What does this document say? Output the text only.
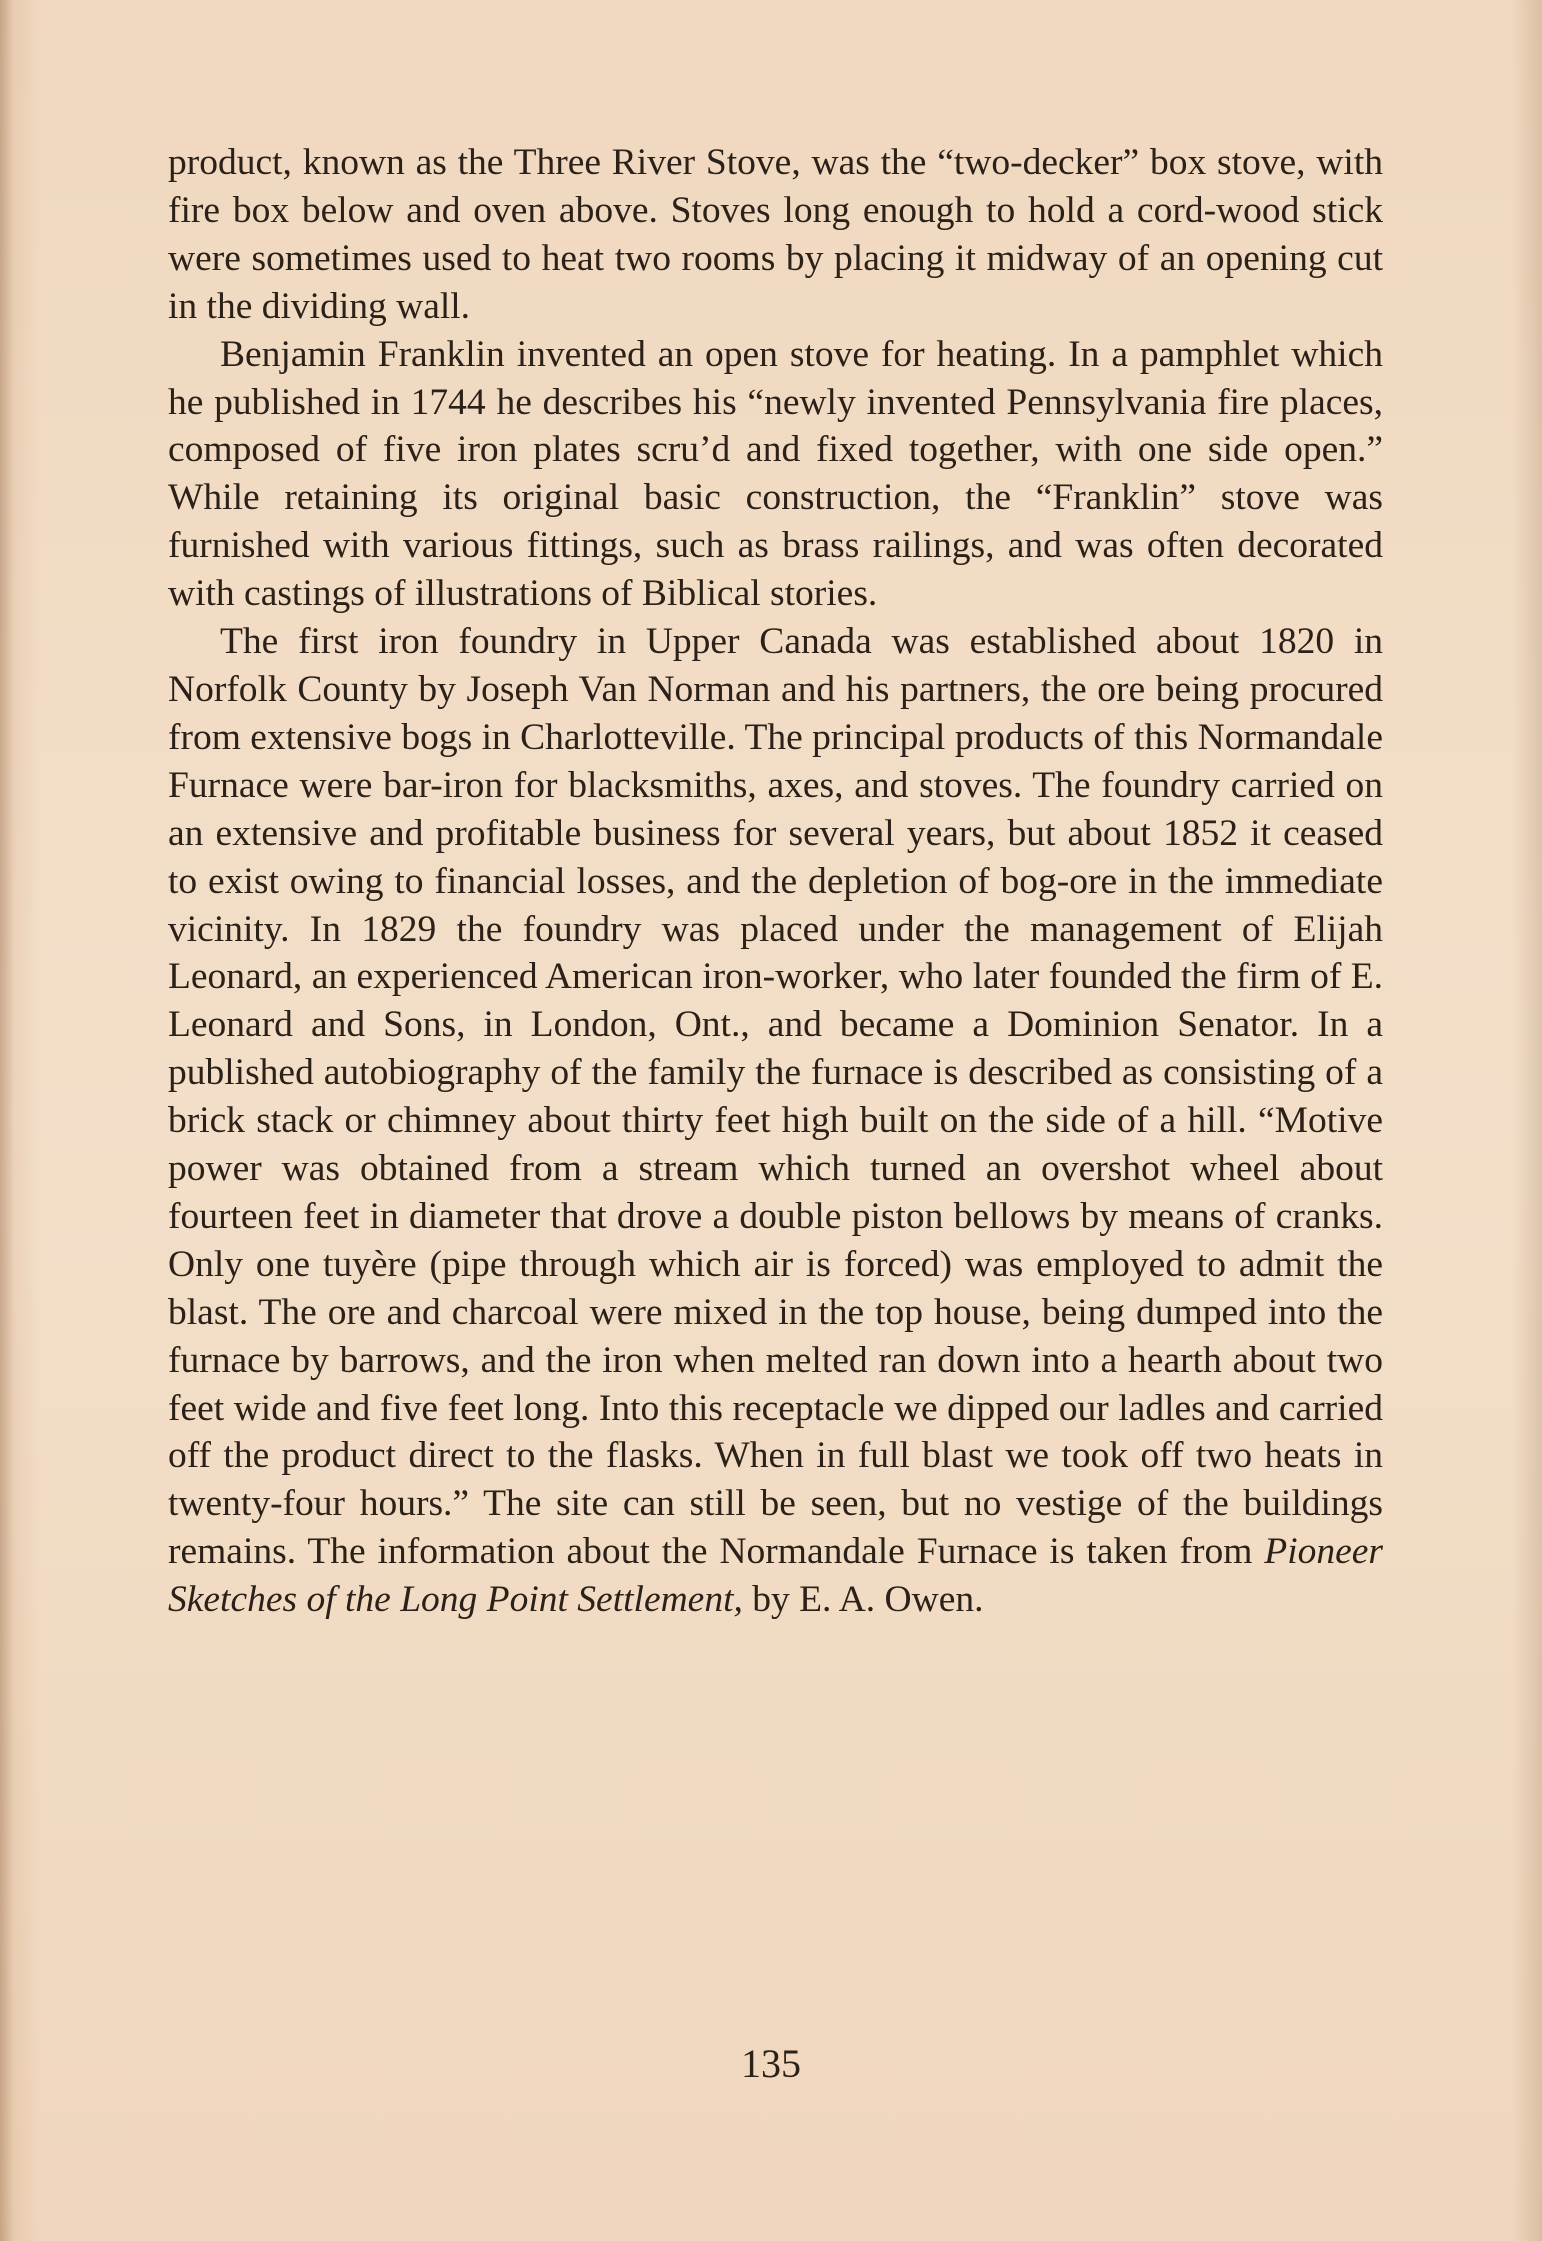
product, known as the Three River Stove, was the “two-decker” box stove, with fire box below and oven above. Stoves long enough to hold a cord-wood stick were sometimes used to heat two rooms by placing it midway of an opening cut in the dividing wall.

Benjamin Franklin invented an open stove for heating. In a pamphlet which he published in 1744 he describes his “newly invented Pennsylvania fire places, composed of five iron plates scru’d and fixed together, with one side open.” While retaining its original basic construction, the “Franklin” stove was furnished with various fittings, such as brass railings, and was often decorated with castings of illustrations of Biblical stories.

The first iron foundry in Upper Canada was established about 1820 in Norfolk County by Joseph Van Norman and his partners, the ore being procured from extensive bogs in Charlotteville. The principal products of this Normandale Furnace were bar-iron for blacksmiths, axes, and stoves. The foundry carried on an extensive and profitable business for several years, but about 1852 it ceased to exist owing to financial losses, and the depletion of bog-ore in the immediate vicinity. In 1829 the foundry was placed under the management of Elijah Leonard, an experienced American iron-worker, who later founded the firm of E. Leonard and Sons, in London, Ont., and became a Dominion Senator. In a published autobiography of the family the furnace is described as consisting of a brick stack or chimney about thirty feet high built on the side of a hill. “Motive power was obtained from a stream which turned an overshot wheel about fourteen feet in diameter that drove a double piston bellows by means of cranks. Only one tuyère (pipe through which air is forced) was employed to admit the blast. The ore and charcoal were mixed in the top house, being dumped into the furnace by barrows, and the iron when melted ran down into a hearth about two feet wide and five feet long. Into this receptacle we dipped our ladles and carried off the product direct to the flasks. When in full blast we took off two heats in twenty-four hours.” The site can still be seen, but no vestige of the buildings remains. The information about the Normandale Furnace is taken from Pioneer Sketches of the Long Point Settlement, by E. A. Owen.

135
